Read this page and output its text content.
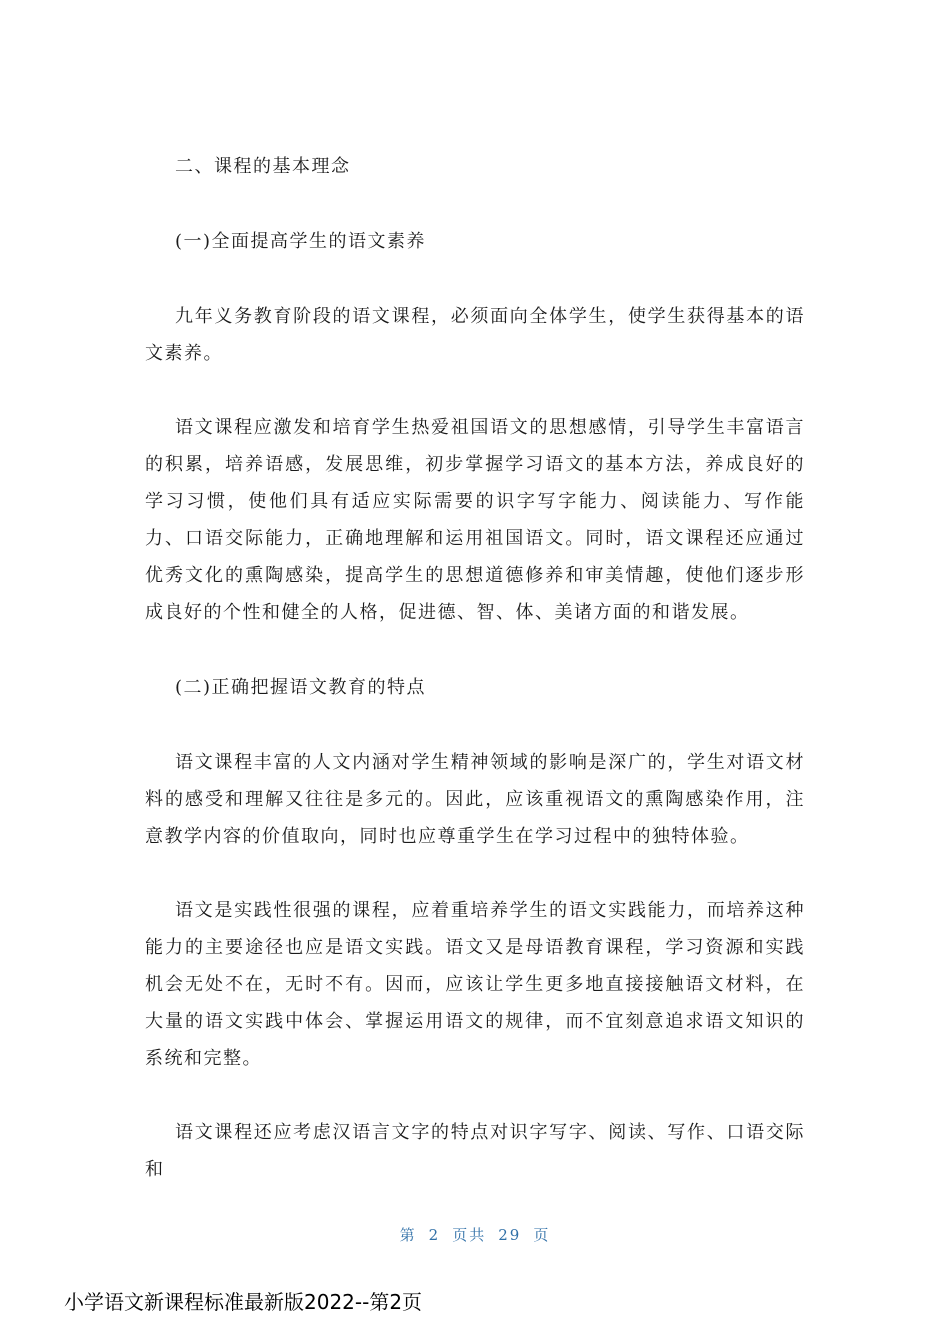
二、课程的基本理念

(一)全面提高学生的语文素养

九年义务教育阶段的语文课程，必须面向全体学生，使学生获得基本的语文素养。

语文课程应激发和培育学生热爱祖国语文的思想感情，引导学生丰富语言的积累，培养语感，发展思维，初步掌握学习语文的基本方法，养成良好的学习习惯，使他们具有适应实际需要的识字写字能力、阅读能力、写作能力、口语交际能力，正确地理解和运用祖国语文。同时，语文课程还应通过优秀文化的熏陶感染，提高学生的思想道德修养和审美情趣，使他们逐步形成良好的个性和健全的人格，促进德、智、体、美诸方面的和谐发展。

(二)正确把握语文教育的特点

语文课程丰富的人文内涵对学生精神领域的影响是深广的，学生对语文材料的感受和理解又往往是多元的。因此，应该重视语文的熏陶感染作用，注意教学内容的价值取向，同时也应尊重学生在学习过程中的独特体验。

语文是实践性很强的课程，应着重培养学生的语文实践能力，而培养这种能力的主要途径也应是语文实践。语文又是母语教育课程，学习资源和实践机会无处不在，无时不有。因而，应该让学生更多地直接接触语文材料，在大量的语文实践中体会、掌握运用语文的规律，而不宜刻意追求语文知识的系统和完整。

语文课程还应考虑汉语言文字的特点对识字写字、阅读、写作、口语交际和

第 2 页共 29 页
小学语文新课程标准最新版2022--第2页
